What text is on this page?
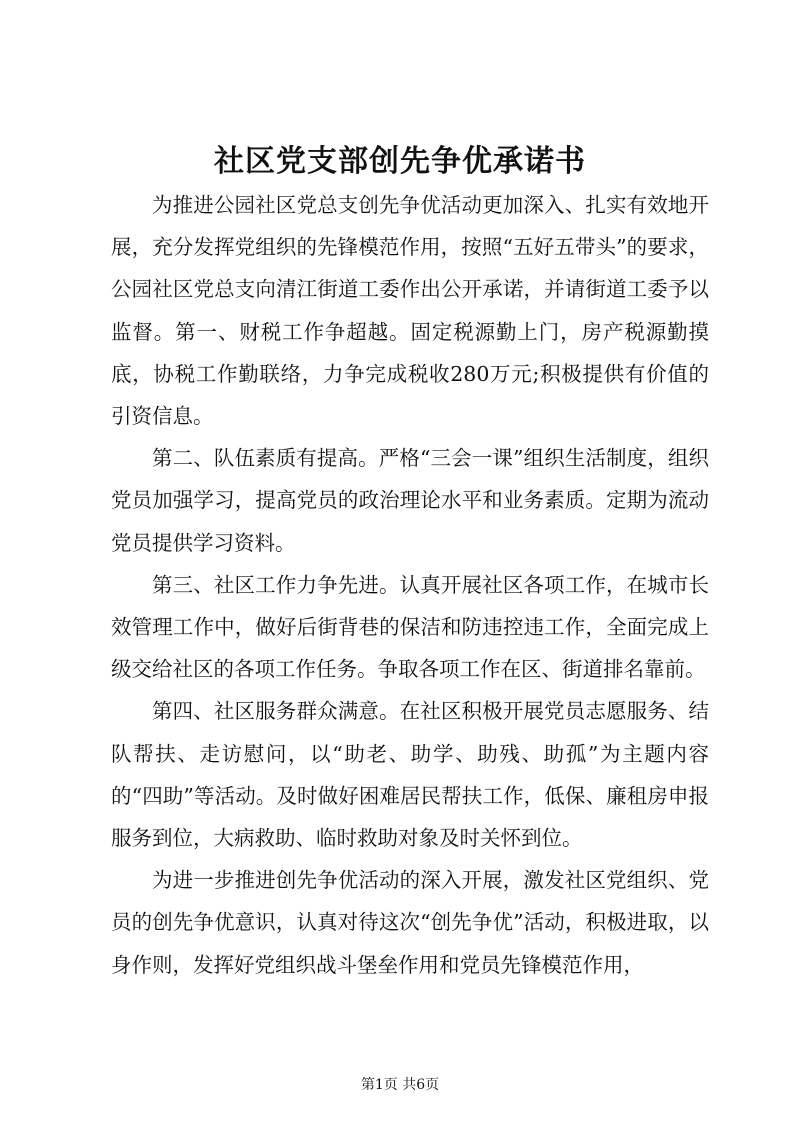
社区党支部创先争优承诺书

为推进公园社区党总支创先争优活动更加深入、扎实有效地开展，充分发挥党组织的先锋模范作用，按照“五好五带头”的要求，公园社区党总支向清江街道工委作出公开承诺，并请街道工委予以监督。第一、财税工作争超越。固定税源勤上门，房产税源勤摸底，协税工作勤联络，力争完成税收280万元;积极提供有价值的引资信息。

第二、队伍素质有提高。严格“三会一课”组织生活制度，组织党员加强学习，提高党员的政治理论水平和业务素质。定期为流动党员提供学习资料。

第三、社区工作力争先进。认真开展社区各项工作，在城市长效管理工作中，做好后街背巷的保洁和防违控违工作，全面完成上级交给社区的各项工作任务。争取各项工作在区、街道排名靠前。

第四、社区服务群众满意。在社区积极开展党员志愿服务、结队帮扶、走访慰问，以“助老、助学、助残、助孤”为主题内容的“四助”等活动。及时做好困难居民帮扶工作，低保、廉租房申报服务到位，大病救助、临时救助对象及时关怀到位。

为进一步推进创先争优活动的深入开展，激发社区党组织、党员的创先争优意识，认真对待这次“创先争优”活动，积极进取，以身作则，发挥好党组织战斗堡垒作用和党员先锋模范作用，

第1页 共6页
